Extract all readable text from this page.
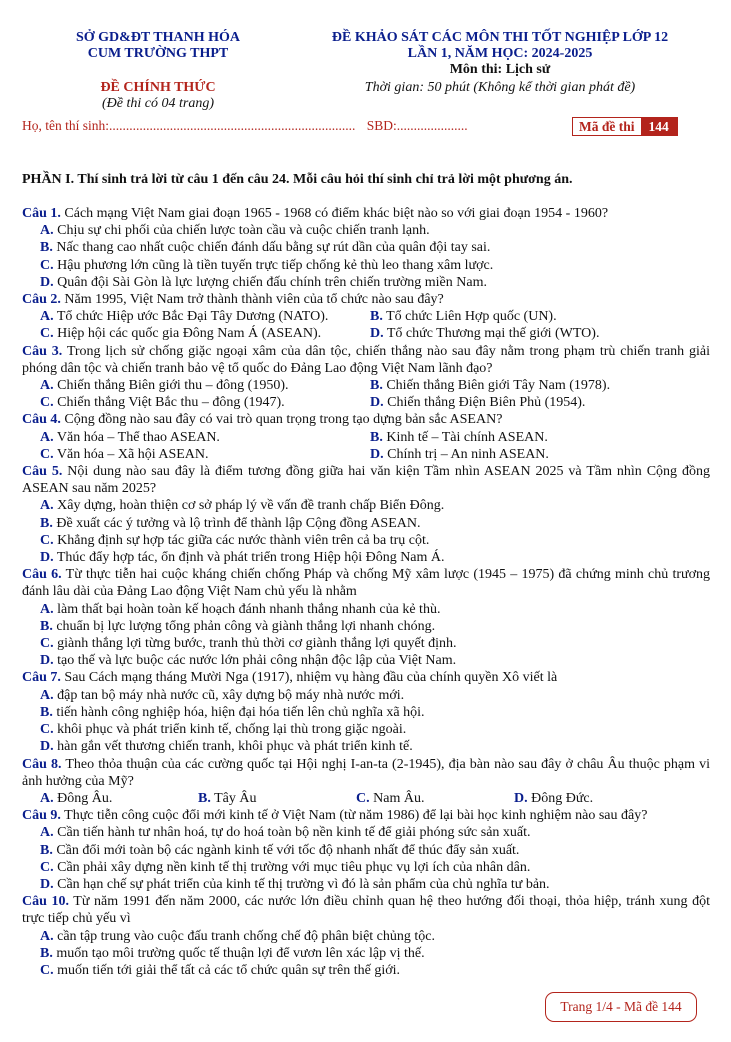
SỞ GD&ĐT THANH HÓA
CUM TRƯỜNG THPT
ĐỀ KHẢO SÁT CÁC MÔN THI TỐT NGHIỆP LỚP 12
LẦN 1, NĂM HỌC: 2024-2025
Môn thi: Lịch sử
ĐỀ CHÍNH THỨC
(Đề thi có 04 trang)
Thời gian: 50 phút (Không kể thời gian phát đề)
Họ, tên thí sinh:......................................................................... SBD:.....................	Mã đề thi	144
PHẦN I. Thí sinh trả lời từ câu 1 đến câu 24. Mỗi câu hỏi thí sinh chỉ trả lời một phương án.
Câu 1. Cách mạng Việt Nam giai đoạn 1965 - 1968 có điểm khác biệt nào so với giai đoạn 1954 - 1960?
A. Chịu sự chi phối của chiến lược toàn cầu và cuộc chiến tranh lạnh.
B. Nấc thang cao nhất cuộc chiến đánh dấu bằng sự rút dần của quân đội tay sai.
C. Hậu phương lớn cũng là tiền tuyến trực tiếp chống kẻ thù leo thang xâm lược.
D. Quân đội Sài Gòn là lực lượng chiến đấu chính trên chiến trường miền Nam.
Câu 2. Năm 1995, Việt Nam trở thành thành viên của tổ chức nào sau đây?
A. Tổ chức Hiệp ước Bắc Đại Tây Dương (NATO).	B. Tổ chức Liên Hợp quốc (UN).
C. Hiệp hội các quốc gia Đông Nam Á (ASEAN).	D. Tổ chức Thương mại thế giới (WTO).
Câu 3. Trong lịch sử chống giặc ngoại xâm của dân tộc, chiến thắng nào sau đây nằm trong phạm trù chiến tranh giải phóng dân tộc và chiến tranh bảo vệ tổ quốc do Đảng Lao động Việt Nam lãnh đạo?
A. Chiến thắng Biên giới thu – đông (1950).	B. Chiến thắng Biên giới Tây Nam (1978).
C. Chiến thắng Việt Bắc thu – đông (1947).	D. Chiến thắng Điện Biên Phủ (1954).
Câu 4. Cộng đồng nào sau đây có vai trò quan trọng trong tạo dựng bản sắc ASEAN?
A. Văn hóa – Thể thao ASEAN.	B. Kinh tế – Tài chính ASEAN.
C. Văn hóa – Xã hội ASEAN.	D. Chính trị – An ninh ASEAN.
Câu 5. Nội dung nào sau đây là điểm tương đồng giữa hai văn kiện Tầm nhìn ASEAN 2025 và Tầm nhìn Cộng đồng ASEAN sau năm 2025?
A. Xây dựng, hoàn thiện cơ sở pháp lý về vấn đề tranh chấp Biển Đông.
B. Đề xuất các ý tưởng và lộ trình để thành lập Cộng đồng ASEAN.
C. Khẳng định sự hợp tác giữa các nước thành viên trên cả ba trụ cột.
D. Thúc đẩy hợp tác, ổn định và phát triển trong Hiệp hội Đông Nam Á.
Câu 6. Từ thực tiễn hai cuộc kháng chiến chống Pháp và chống Mỹ xâm lược (1945 – 1975) đã chứng minh chủ trương đánh lâu dài của Đảng Lao động Việt Nam chủ yếu là nhằm
A. làm thất bại hoàn toàn kế hoạch đánh nhanh thắng nhanh của kẻ thù.
B. chuẩn bị lực lượng tổng phản công và giành thắng lợi nhanh chóng.
C. giành thắng lợi từng bước, tranh thủ thời cơ giành thắng lợi quyết định.
D. tạo thế và lực buộc các nước lớn phải công nhận độc lập của Việt Nam.
Câu 7. Sau Cách mạng tháng Mười Nga (1917), nhiệm vụ hàng đầu của chính quyền Xô viết là
A. đập tan bộ máy nhà nước cũ, xây dựng bộ máy nhà nước mới.
B. tiến hành công nghiệp hóa, hiện đại hóa tiến lên chủ nghĩa xã hội.
C. khôi phục và phát triển kinh tế, chống lại thù trong giặc ngoài.
D. hàn gắn vết thương chiến tranh, khôi phục và phát triển kinh tế.
Câu 8. Theo thỏa thuận của các cường quốc tại Hội nghị I-an-ta (2-1945), địa bàn nào sau đây ở châu Âu thuộc phạm vi ảnh hưởng của Mỹ?
A. Đông Âu.	B. Tây Âu	C. Nam Âu.	D. Đông Đức.
Câu 9. Thực tiễn công cuộc đổi mới kinh tế ở Việt Nam (từ năm 1986) để lại bài học kinh nghiệm nào sau đây?
A. Cần tiến hành tư nhân hoá, tự do hoá toàn bộ nền kinh tế để giải phóng sức sản xuất.
B. Cần đổi mới toàn bộ các ngành kinh tế với tốc độ nhanh nhất để thúc đẩy sản xuất.
C. Cần phải xây dựng nền kinh tế thị trường với mục tiêu phục vụ lợi ích của nhân dân.
D. Cần hạn chế sự phát triển của kinh tế thị trường vì đó là sản phẩm của chủ nghĩa tư bản.
Câu 10. Từ năm 1991 đến năm 2000, các nước lớn điều chỉnh quan hệ theo hướng đối thoại, thỏa hiệp, tránh xung đột trực tiếp chủ yếu vì
A. cần tập trung vào cuộc đấu tranh chống chế độ phân biệt chủng tộc.
B. muốn tạo môi trường quốc tế thuận lợi để vươn lên xác lập vị thế.
C. muốn tiến tới giải thể tất cả các tổ chức quân sự trên thế giới.
Trang 1/4 - Mã đề 144
